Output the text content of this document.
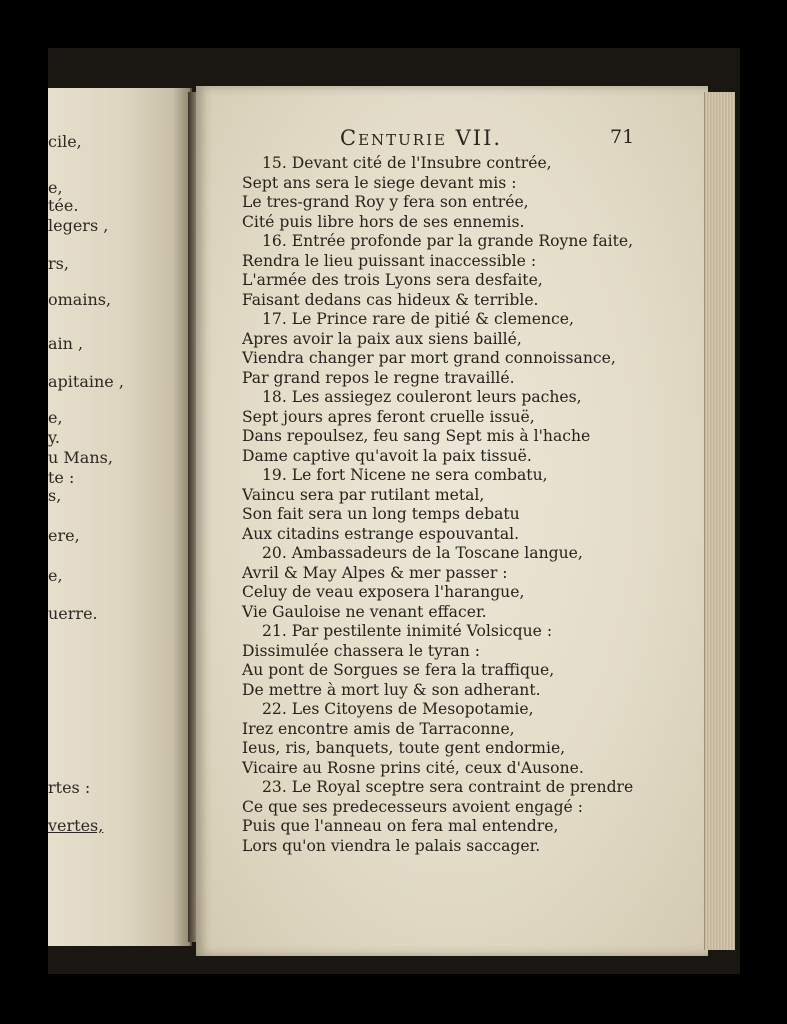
cile,
e,
tée.
legers ,
rs,
omains,
ain ,
apitaine ,
e,
y.
u Mans,
te :
s,
ere,
e,
uerre.
rtes :
vertes,
Centurie VII.	71
15. Devant cité de l'Insubre contrée,
Sept ans sera le siege devant mis :
Le tres-grand Roy y fera son entrée,
Cité puis libre hors de ses ennemis.
16. Entrée profonde par la grande Royne faite,
Rendra le lieu puissant inaccessible :
L'armée des trois Lyons sera desfaite,
Faisant dedans cas hideux & terrible.
17. Le Prince rare de pitié & clemence,
Apres avoir la paix aux siens baillé,
Viendra changer par mort grand connoissance,
Par grand repos le regne travaillé.
18. Les assiegez couleront leurs paches,
Sept jours apres feront cruelle issuë,
Dans repoulsez, feu sang Sept mis à l'hache
Dame captive qu'avoit la paix tissuë.
19. Le fort Nicene ne sera combatu,
Vaincu sera par rutilant metal,
Son fait sera un long temps debatu
Aux citadins estrange espouvantal.
20. Ambassadeurs de la Toscane langue,
Avril & May Alpes & mer passer :
Celuy de veau exposera l'harangue,
Vie Gauloise ne venant effacer.
21. Par pestilente inimité Volsicque :
Dissimulée chassera le tyran :
Au pont de Sorgues se fera la traffique,
De mettre à mort luy & son adherant.
22. Les Citoyens de Mesopotamie,
Irez encontre amis de Tarraconne,
Ieus, ris, banquets, toute gent endormie,
Vicaire au Rosne prins cité, ceux d'Ausone.
23. Le Royal sceptre sera contraint de prendre
Ce que ses predecesseurs avoient engagé :
Puis que l'anneau on fera mal entendre,
Lors qu'on viendra le palais saccager.
